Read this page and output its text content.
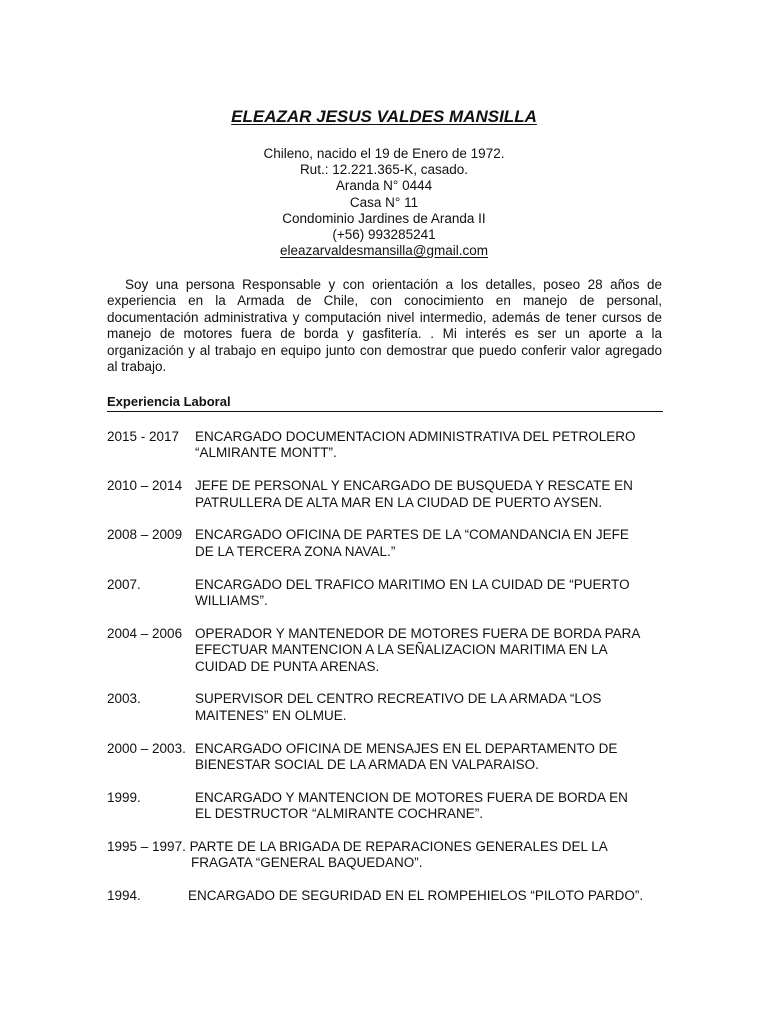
ELEAZAR JESUS VALDES MANSILLA
Chileno, nacido el 19 de Enero de 1972.
Rut.: 12.221.365-K, casado.
Aranda N° 0444
Casa N° 11
Condominio Jardines de Aranda II
(+56) 993285241
eleazarvaldesmansilla@gmail.com

Soy una persona Responsable y con orientación a los detalles, poseo 28 años de experiencia en la Armada de Chile, con conocimiento en manejo de personal, documentación administrativa y computación nivel intermedio, además de tener cursos de manejo de motores fuera de borda y gasfitería. . Mi interés es ser un aporte a la organización y al trabajo en equipo junto con demostrar que puedo conferir valor agregado al trabajo.

Experiencia Laboral
2015 - 2017 ENCARGADO DOCUMENTACION ADMINISTRATIVA DEL PETROLERO
“ALMIRANTE MONTT”.
2010 – 2014 JEFE DE PERSONAL Y ENCARGADO DE BUSQUEDA Y RESCATE EN
PATRULLERA DE ALTA MAR EN LA CIUDAD DE PUERTO AYSEN.
2008 – 2009 ENCARGADO OFICINA DE PARTES DE LA “COMANDANCIA EN JEFE
DE LA TERCERA ZONA NAVAL.”
2007.	ENCARGADO DEL TRAFICO MARITIMO EN LA CUIDAD DE “PUERTO
WILLIAMS”.
2004 – 2006 OPERADOR Y MANTENEDOR DE MOTORES FUERA DE BORDA PARA
EFECTUAR MANTENCION A LA SEÑALIZACION MARITIMA EN LA
CUIDAD DE PUNTA ARENAS.
2003.	SUPERVISOR DEL CENTRO RECREATIVO DE LA ARMADA “LOS
MAITENES” EN OLMUE.
2000 – 2003. ENCARGADO OFICINA DE MENSAJES EN EL DEPARTAMENTO DE
BIENESTAR SOCIAL DE LA ARMADA EN VALPARAISO.
1999.	ENCARGADO Y MANTENCION DE MOTORES FUERA DE BORDA EN
EL DESTRUCTOR “ALMIRANTE COCHRANE”.
1995 – 1997. PARTE DE LA BRIGADA DE REPARACIONES GENERALES DEL LA
FRAGATA “GENERAL BAQUEDANO”.
1994.	ENCARGADO DE SEGURIDAD EN EL ROMPEHIELOS “PILOTO PARDO”.
